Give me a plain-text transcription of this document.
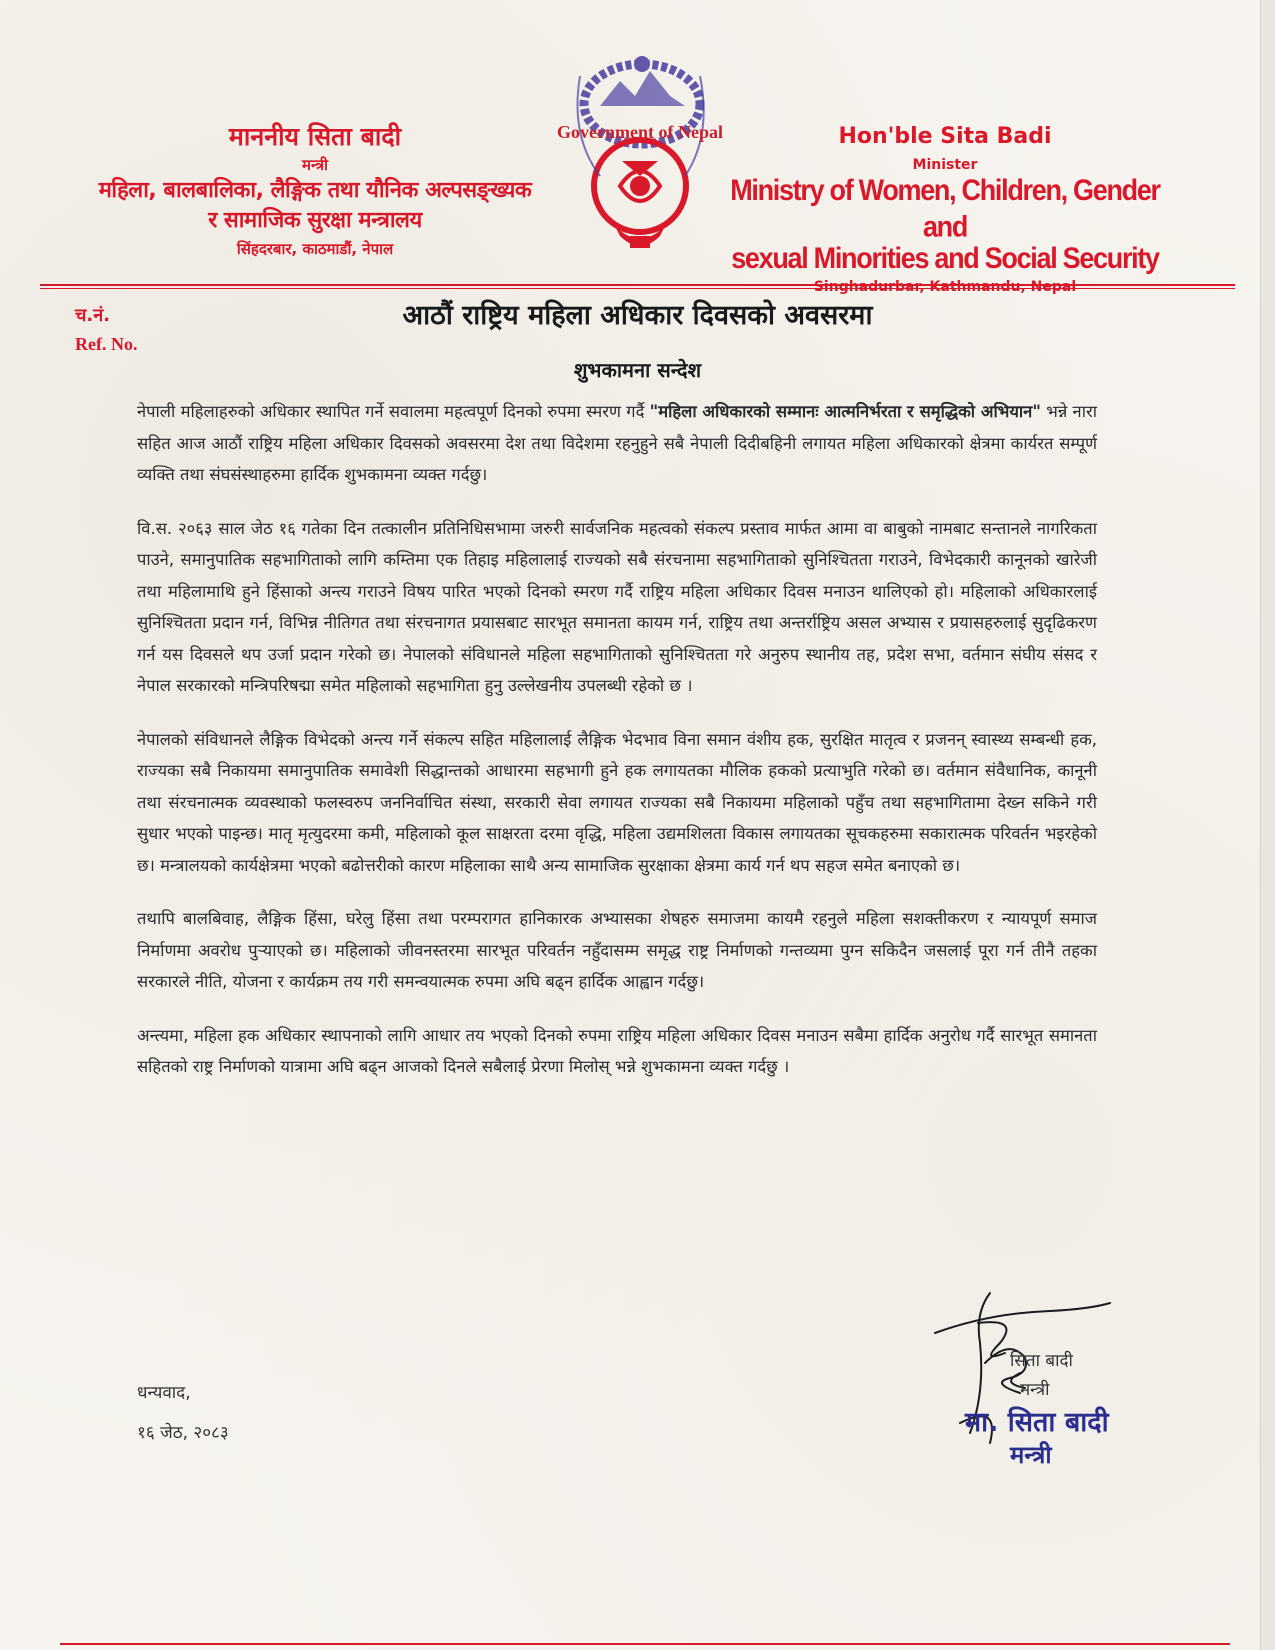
माननीय सिता बादी
मन्त्री
महिला, बालबालिका, लैङ्गिक तथा यौनिक अल्पसङ्ख्यक
र सामाजिक सुरक्षा मन्त्रालय
सिंहदरबार, काठमाडौं, नेपाल
Government of Nepal	Hon'ble Sita Badi
Minister
Ministry of Women, Children, Gender and
sexual Minorities and Social Security
Singhadurbar, Kathmandu, Nepal
च.नं.
Ref. No.
आठौं राष्ट्रिय महिला अधिकार दिवसको अवसरमा
शुभकामना सन्देश

नेपाली महिलाहरुको अधिकार स्थापित गर्ने सवालमा महत्वपूर्ण दिनको रुपमा स्मरण गर्दै "महिला अधिकारको सम्मानः आत्मनिर्भरता र समृद्धिको अभियान" भन्ने नारा सहित आज आठौं राष्ट्रिय महिला अधिकार दिवसको अवसरमा देश तथा विदेशमा रहनुहुने सबै नेपाली दिदीबहिनी लगायत महिला अधिकारको क्षेत्रमा कार्यरत सम्पूर्ण व्यक्ति तथा संघसंस्थाहरुमा हार्दिक शुभकामना व्यक्त गर्दछु।

वि.स. २०६३ साल जेठ १६ गतेका दिन तत्कालीन प्रतिनिधिसभामा जरुरी सार्वजनिक महत्वको संकल्प प्रस्ताव मार्फत आमा वा बाबुको नामबाट सन्तानले नागरिकता पाउने, समानुपातिक सहभागिताको लागि कम्तिमा एक तिहाइ महिलालाई राज्यको सबै संरचनामा सहभागिताको सुनिश्चितता गराउने, विभेदकारी कानूनको खारेजी तथा महिलामाथि हुने हिंसाको अन्त्य गराउने विषय पारित भएको दिनको स्मरण गर्दै राष्ट्रिय महिला अधिकार दिवस मनाउन थालिएको हो। महिलाको अधिकारलाई सुनिश्चितता प्रदान गर्न, विभिन्न नीतिगत तथा संरचनागत प्रयासबाट सारभूत समानता कायम गर्न, राष्ट्रिय तथा अन्तर्राष्ट्रिय असल अभ्यास र प्रयासहरुलाई सुदृढिकरण गर्न यस दिवसले थप उर्जा प्रदान गरेको छ। नेपालको संविधानले महिला सहभागिताको सुनिश्चितता गरे अनुरुप स्थानीय तह, प्रदेश सभा, वर्तमान संघीय संसद र नेपाल सरकारको मन्त्रिपरिषद्मा समेत महिलाको सहभागिता हुनु उल्लेखनीय उपलब्धी रहेको छ ।

नेपालको संविधानले लैङ्गिक विभेदको अन्त्य गर्ने संकल्प सहित महिलालाई लैङ्गिक भेदभाव विना समान वंशीय हक, सुरक्षित मातृत्व र प्रजनन् स्वास्थ्य सम्बन्धी हक, राज्यका सबै निकायमा समानुपातिक समावेशी सिद्धान्तको आधारमा सहभागी हुने हक लगायतका मौलिक हकको प्रत्याभुति गरेको छ। वर्तमान संवैधानिक, कानूनी तथा संरचनात्मक व्यवस्थाको फलस्वरुप जननिर्वाचित संस्था, सरकारी सेवा लगायत राज्यका सबै निकायमा महिलाको पहुँच तथा सहभागितामा देख्न सकिने गरी सुधार भएको पाइन्छ। मातृ मृत्युदरमा कमी, महिलाको कूल साक्षरता दरमा वृद्धि, महिला उद्यमशिलता विकास लगायतका सूचकहरुमा सकारात्मक परिवर्तन भइरहेको छ। मन्त्रालयको कार्यक्षेत्रमा भएको बढोत्तरीको कारण महिलाका साथै अन्य सामाजिक सुरक्षाका क्षेत्रमा कार्य गर्न थप सहज समेत बनाएको छ।

तथापि बालबिवाह, लैङ्गिक हिंसा, घरेलु हिंसा तथा परम्परागत हानिकारक अभ्यासका शेषहरु समाजमा कायमै रहनुले महिला सशक्तीकरण र न्यायपूर्ण समाज निर्माणमा अवरोध पुऱ्याएको छ। महिलाको जीवनस्तरमा सारभूत परिवर्तन नहुँदासम्म समृद्ध राष्ट्र निर्माणको गन्तव्यमा पुग्न सकिदैन जसलाई पूरा गर्न तीनै तहका सरकारले नीति, योजना र कार्यक्रम तय गरी समन्वयात्मक रुपमा अघि बढ्न हार्दिक आह्वान गर्दछु।

अन्त्यमा, महिला हक अधिकार स्थापनाको लागि आधार तय भएको दिनको रुपमा राष्ट्रिय महिला अधिकार दिवस मनाउन सबैमा हार्दिक अनुरोध गर्दै सारभूत समानता सहितको राष्ट्र निर्माणको यात्रामा अघि बढ्न आजको दिनले सबैलाई प्रेरणा मिलोस् भन्ने शुभकामना व्यक्त गर्दछु ।

धन्यवाद,
१६ जेठ, २०८३
सिता बादी
मन्त्री
मा. सिता बादी
मन्त्री
